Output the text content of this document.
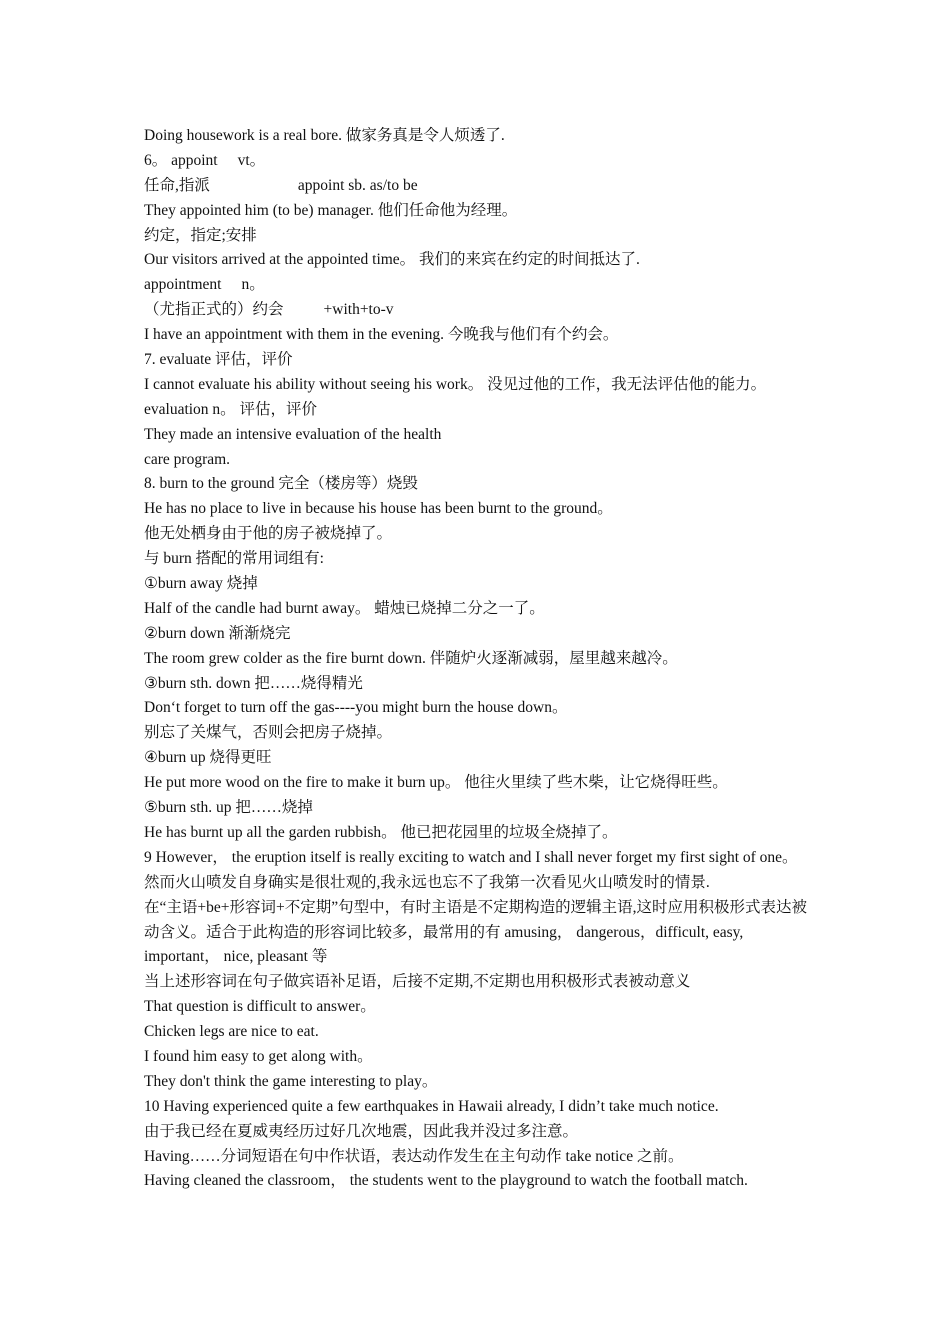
Doing housework is a real bore. 做家务真是令人烦透了.
6。 appoint vt。
任命,指派	appoint sb. as/to be
They appointed him (to be) manager. 他们任命他为经理。
约定，指定;安排
Our visitors arrived at the appointed time。 我们的来宾在约定的时间抵达了.
appointment n。
（尤指正式的）约会	+with+to-v
I have an appointment with them in the evening. 今晚我与他们有个约会。
7. evaluate 评估，评价
I cannot evaluate his ability without seeing his work。 没见过他的工作，我无法评估他的能力。
evaluation n。 评估，评价
They made an intensive evaluation of the health
care program.
8. burn to the ground 完全（楼房等）烧毁
He has no place to live in because his house has been burnt to the ground。
他无处栖身由于他的房子被烧掉了。
与 burn 搭配的常用词组有:
①burn away 烧掉
Half of the candle had burnt away。 蜡烛已烧掉二分之一了。
②burn down 渐渐烧完
The room grew colder as the fire burnt down. 伴随炉火逐渐减弱，屋里越来越冷。
③burn sth. down 把……烧得精光
Don‘t forget to turn off the gas----you might burn the house down。
别忘了关煤气，否则会把房子烧掉。
④burn up 烧得更旺
He put more wood on the fire to make it burn up。 他往火里续了些木柴，让它烧得旺些。
⑤burn sth. up 把……烧掉
He has burnt up all the garden rubbish。 他已把花园里的垃圾全烧掉了。
9 However， the eruption itself is really exciting to watch and I shall never forget my first sight of one。
然而火山喷发自身确实是很壮观的,我永远也忘不了我第一次看见火山喷发时的情景.
在“主语+be+形容词+不定期”句型中，有时主语是不定期构造的逻辑主语,这时应用积极形式表达被动含义。适合于此构造的形容词比较多，最常用的有 amusing， dangerous，difficult, easy, important， nice, pleasant 等
当上述形容词在句子做宾语补足语，后接不定期,不定期也用积极形式表被动意义
That question is difficult to answer。
Chicken legs are nice to eat.
I found him easy to get along with。
They don't think the game interesting to play。
10 Having experienced quite a few earthquakes in Hawaii already, I didn’t take much notice.
由于我已经在夏威夷经历过好几次地震，因此我并没过多注意。
Having……分词短语在句中作状语，表达动作发生在主句动作 take notice 之前。
Having cleaned the classroom， the students went to the playground to watch the football match.
